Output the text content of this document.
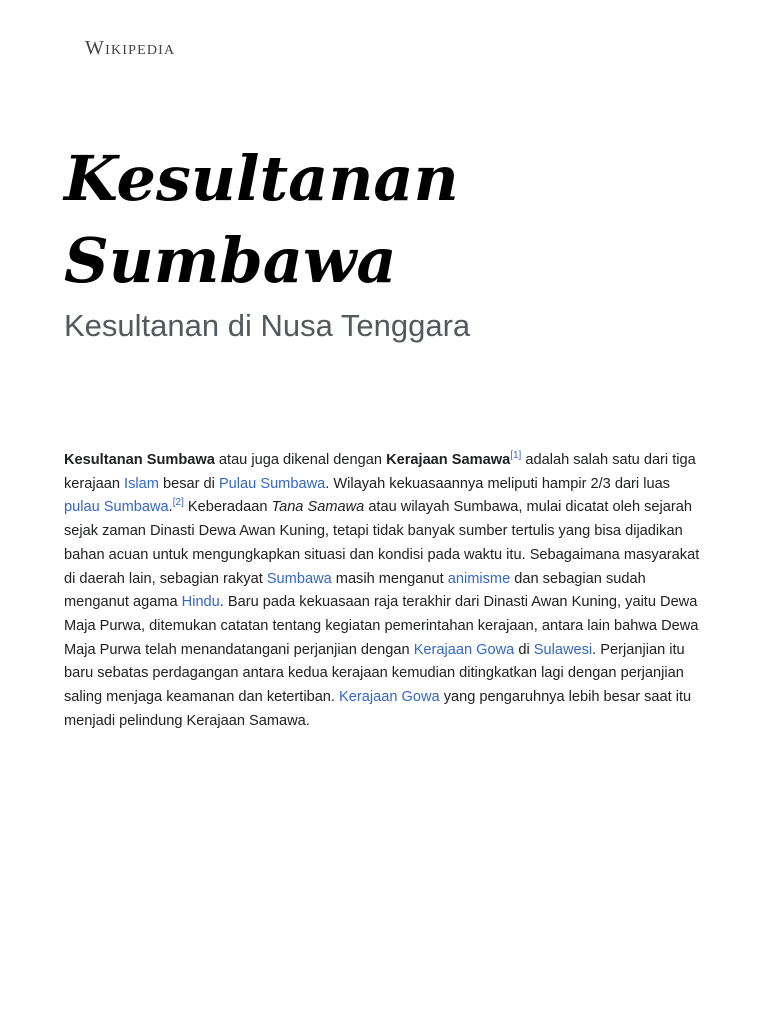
Wikipedia
Kesultanan Sumbawa
Kesultanan di Nusa Tenggara

Kesultanan Sumbawa atau juga dikenal dengan Kerajaan Samawa[1] adalah salah satu dari tiga kerajaan Islam besar di Pulau Sumbawa. Wilayah kekuasaannya meliputi hampir 2/3 dari luas pulau Sumbawa.[2] Keberadaan Tana Samawa atau wilayah Sumbawa, mulai dicatat oleh sejarah sejak zaman Dinasti Dewa Awan Kuning, tetapi tidak banyak sumber tertulis yang bisa dijadikan bahan acuan untuk mengungkapkan situasi dan kondisi pada waktu itu. Sebagaimana masyarakat di daerah lain, sebagian rakyat Sumbawa masih menganut animisme dan sebagian sudah menganut agama Hindu. Baru pada kekuasaan raja terakhir dari Dinasti Awan Kuning, yaitu Dewa Maja Purwa, ditemukan catatan tentang kegiatan pemerintahan kerajaan, antara lain bahwa Dewa Maja Purwa telah menandatangani perjanjian dengan Kerajaan Gowa di Sulawesi. Perjanjian itu baru sebatas perdagangan antara kedua kerajaan kemudian ditingkatkan lagi dengan perjanjian saling menjaga keamanan dan ketertiban. Kerajaan Gowa yang pengaruhnya lebih besar saat itu menjadi pelindung Kerajaan Samawa.
